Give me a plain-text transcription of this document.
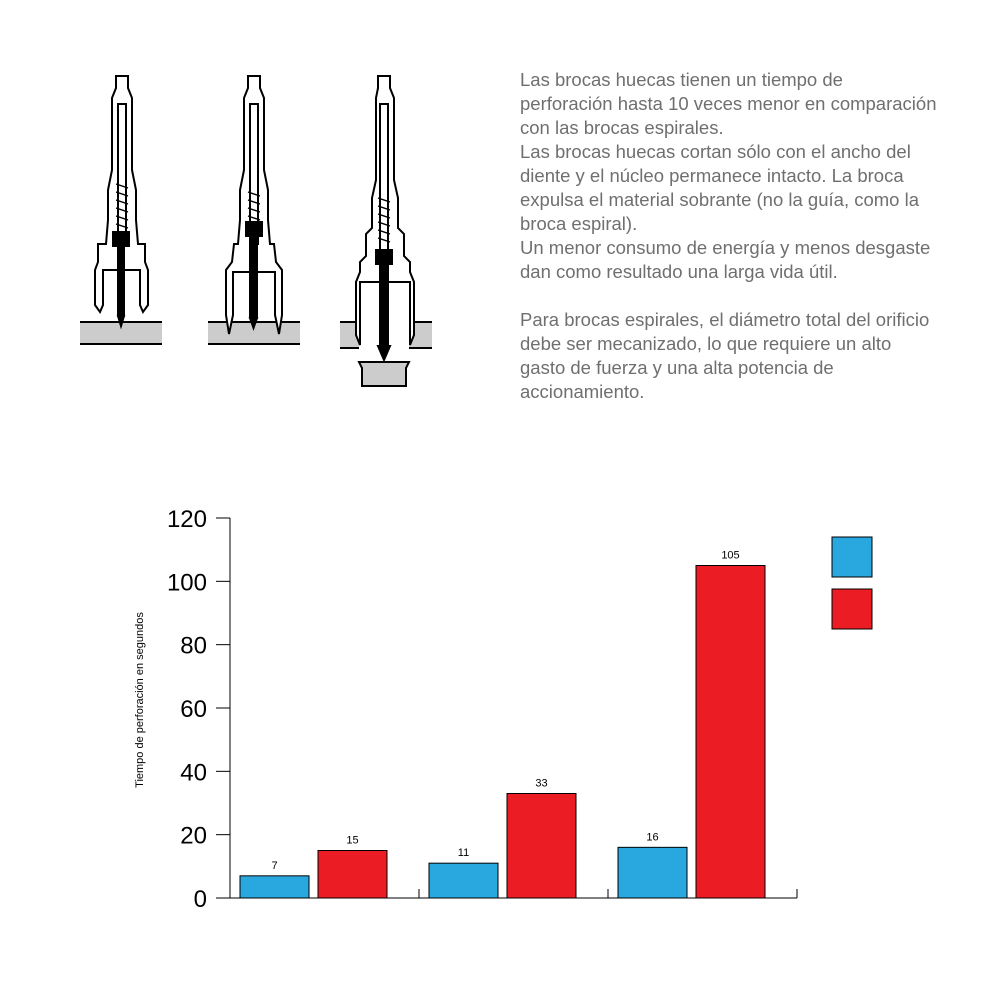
Las brocas huecas tienen un tiempo de perforación hasta 10 veces menor en comparación con las brocas espirales.

Las brocas huecas cortan sólo con el ancho del diente y el núcleo permanece intacto. La broca expulsa el material sobrante (no la guía, como la broca espiral).

Un menor consumo de energía y menos desgaste dan como resultado una larga vida útil.

Para brocas espirales, el diámetro total del orificio debe ser mecanizado, lo que requiere un alto gasto de fuerza y una alta potencia de accionamiento.

0
20
40
60
80
100
120
Tiempo de perforación en segundos
7
11
16
15
33
105
